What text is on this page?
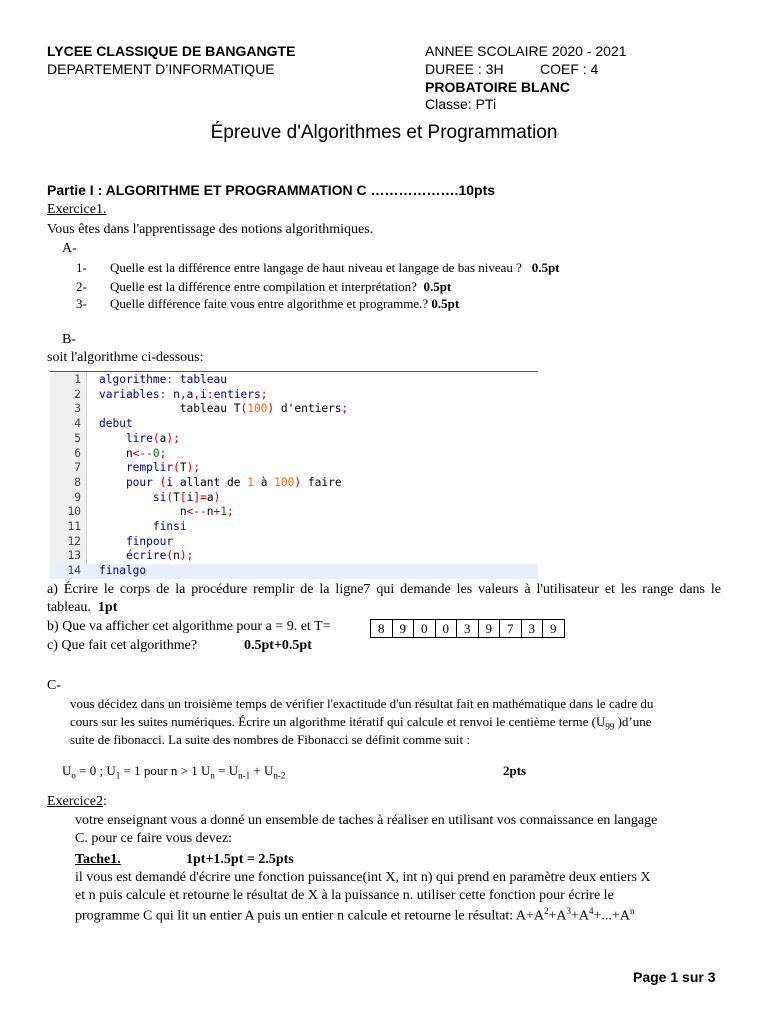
LYCEE CLASSIQUE DE BANGANGTE
DEPARTEMENT D’INFORMATIQUE
ANNEE SCOLAIRE 2020 - 2021
DUREE : 3H	COEF : 4
PROBATOIRE BLANC
Classe: PTi
Épreuve d'Algorithmes et Programmation
Partie I : ALGORITHME ET PROGRAMMATION C ……………….10pts
Exercice1.
Vous êtes dans l'apprentissage des notions algorithmiques.
A-
1- Quelle est la différence entre langage de haut niveau et langage de bas niveau ? 0.5pt
2- Quelle est la différence entre compilation et interprétation? 0.5pt
3- Quelle différence faite vous entre algorithme et programme.? 0.5pt
B-
soit l'algorithme ci-dessous:
1 algorithme: tableau
2 variables: n,a,i:entiers;
3 tableau T(100) d'entiers;
4 debut
5 lire(a);
6 n<--0;
7 remplir(T);
8 pour (i allant de 1 à 100) faire
9 si(T[i]=a)
10 n<--n+1;
11 finsi
12 finpour
13 écrire(n);
14 finalgo
a) Écrire le corps de la procédure remplir de la ligne7 qui demande les valeurs à l'utilisateur et les range dans le tableau. 1pt
b) Que va afficher cet algorithme pour a = 9. et T=	8	9	0	0	3	9	7	3	9
c) Que fait cet algorithme?	0.5pt+0.5pt
C-
vous décidez dans un troisième temps de vérifier l'exactitude d'un résultat fait en mathématique dans le cadre du
cours sur les suites numériques. Écrire un algorithme itératif qui calcule et renvoi le centième terme ($U_{99}$ )d’une
suite de fibonacci. La suite des nombres de Fibonacci se définit comme suit :
$U_o = 0$ ; $U_1 = 1$ pour n > 1 $U_n = U_{n-1} + U_{n-2}$	2pts
Exercice2:
votre enseignant vous a donné un ensemble de taches à réaliser en utilisant vos connaissance en langage
C. pour ce faire vous devez:
Tache1.	1pt+1.5pt = 2.5pts
il vous est demandé d'écrire une fonction puissance(int X, int n) qui prend en paramètre deux entiers X
et n puis calcule et retourne le résultat de X à la puissance n. utiliser cette fonction pour écrire le
programme C qui lit un entier A puis un entier n calcule et retourne le résultat: $A+A^2+A^3+A^4+...+A^n$
Page 1 sur 3
